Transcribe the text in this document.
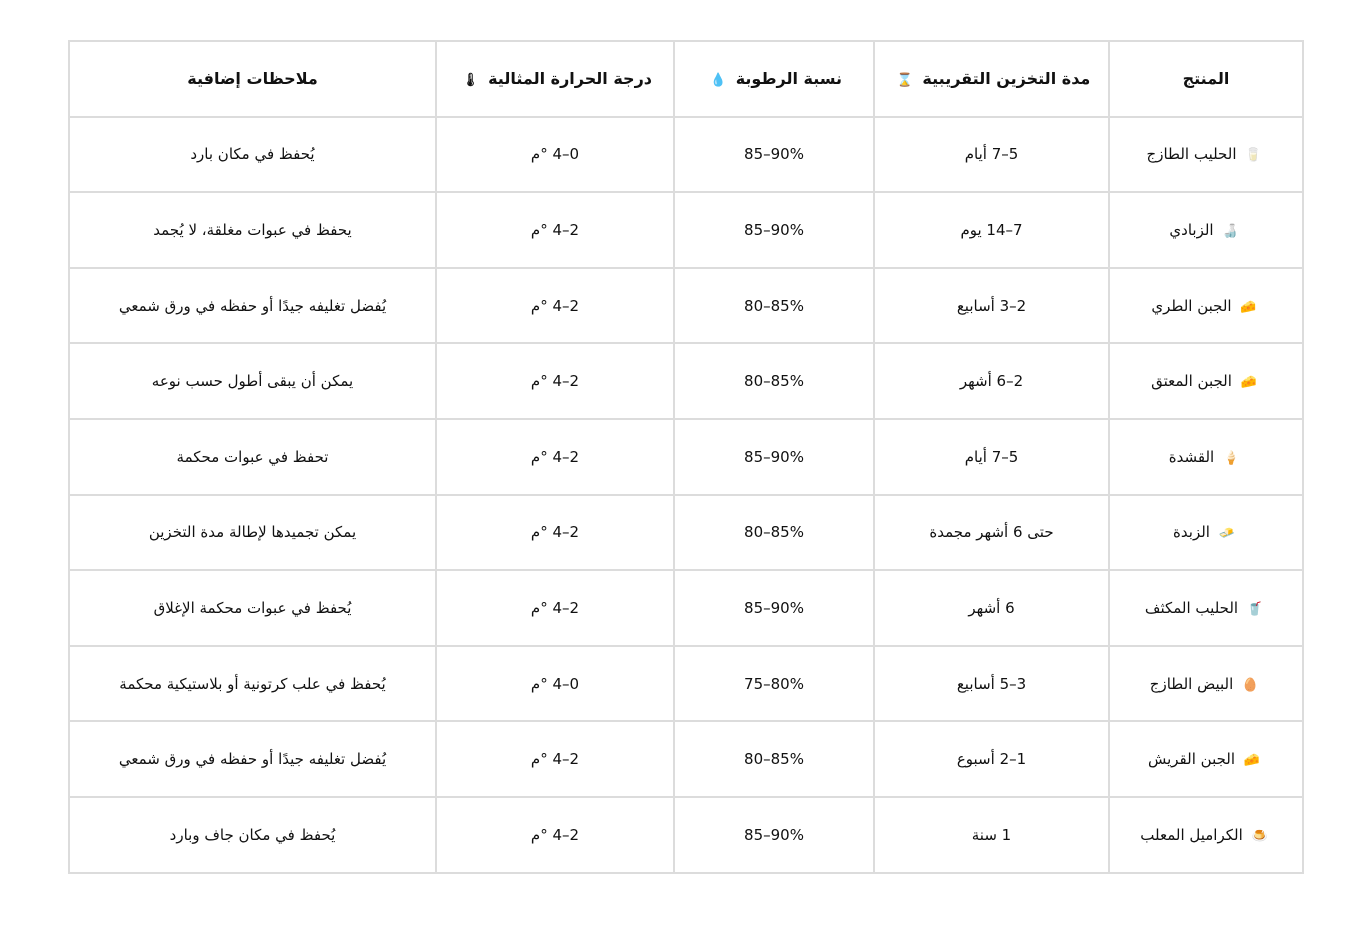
المنتج	مدة التخزين التقريبية ⌛	نسبة الرطوبة 💧	درجة الحرارة المثالية 🌡	ملاحظات إضافية
🥛 الحليب الطازج	5–7 أيام	85–90%	0–4 °م	يُحفظ في مكان بارد
🍶 الزبادي	7–14 يوم	85–90%	2–4 °م	يحفظ في عبوات مغلقة، لا يُجمد
🧀 الجبن الطري	2–3 أسابيع	80–85%	2–4 °م	يُفضل تغليفه جيدًا أو حفظه في ورق شمعي
🧀 الجبن المعتق	2–6 أشهر	80–85%	2–4 °م	يمكن أن يبقى أطول حسب نوعه
🍦 القشدة	5–7 أيام	85–90%	2–4 °م	تحفظ في عبوات محكمة
🧈 الزبدة	حتى 6 أشهر مجمدة	80–85%	2–4 °م	يمكن تجميدها لإطالة مدة التخزين
🥤 الحليب المكثف	6 أشهر	85–90%	2–4 °م	يُحفظ في عبوات محكمة الإغلاق
🥚 البيض الطازج	3–5 أسابيع	75–80%	0–4 °م	يُحفظ في علب كرتونية أو بلاستيكية محكمة
🧀 الجبن القريش	1–2 أسبوع	80–85%	2–4 °م	يُفضل تغليفه جيدًا أو حفظه في ورق شمعي
🍮 الكراميل المعلب	1 سنة	85–90%	2–4 °م	يُحفظ في مكان جاف وبارد
